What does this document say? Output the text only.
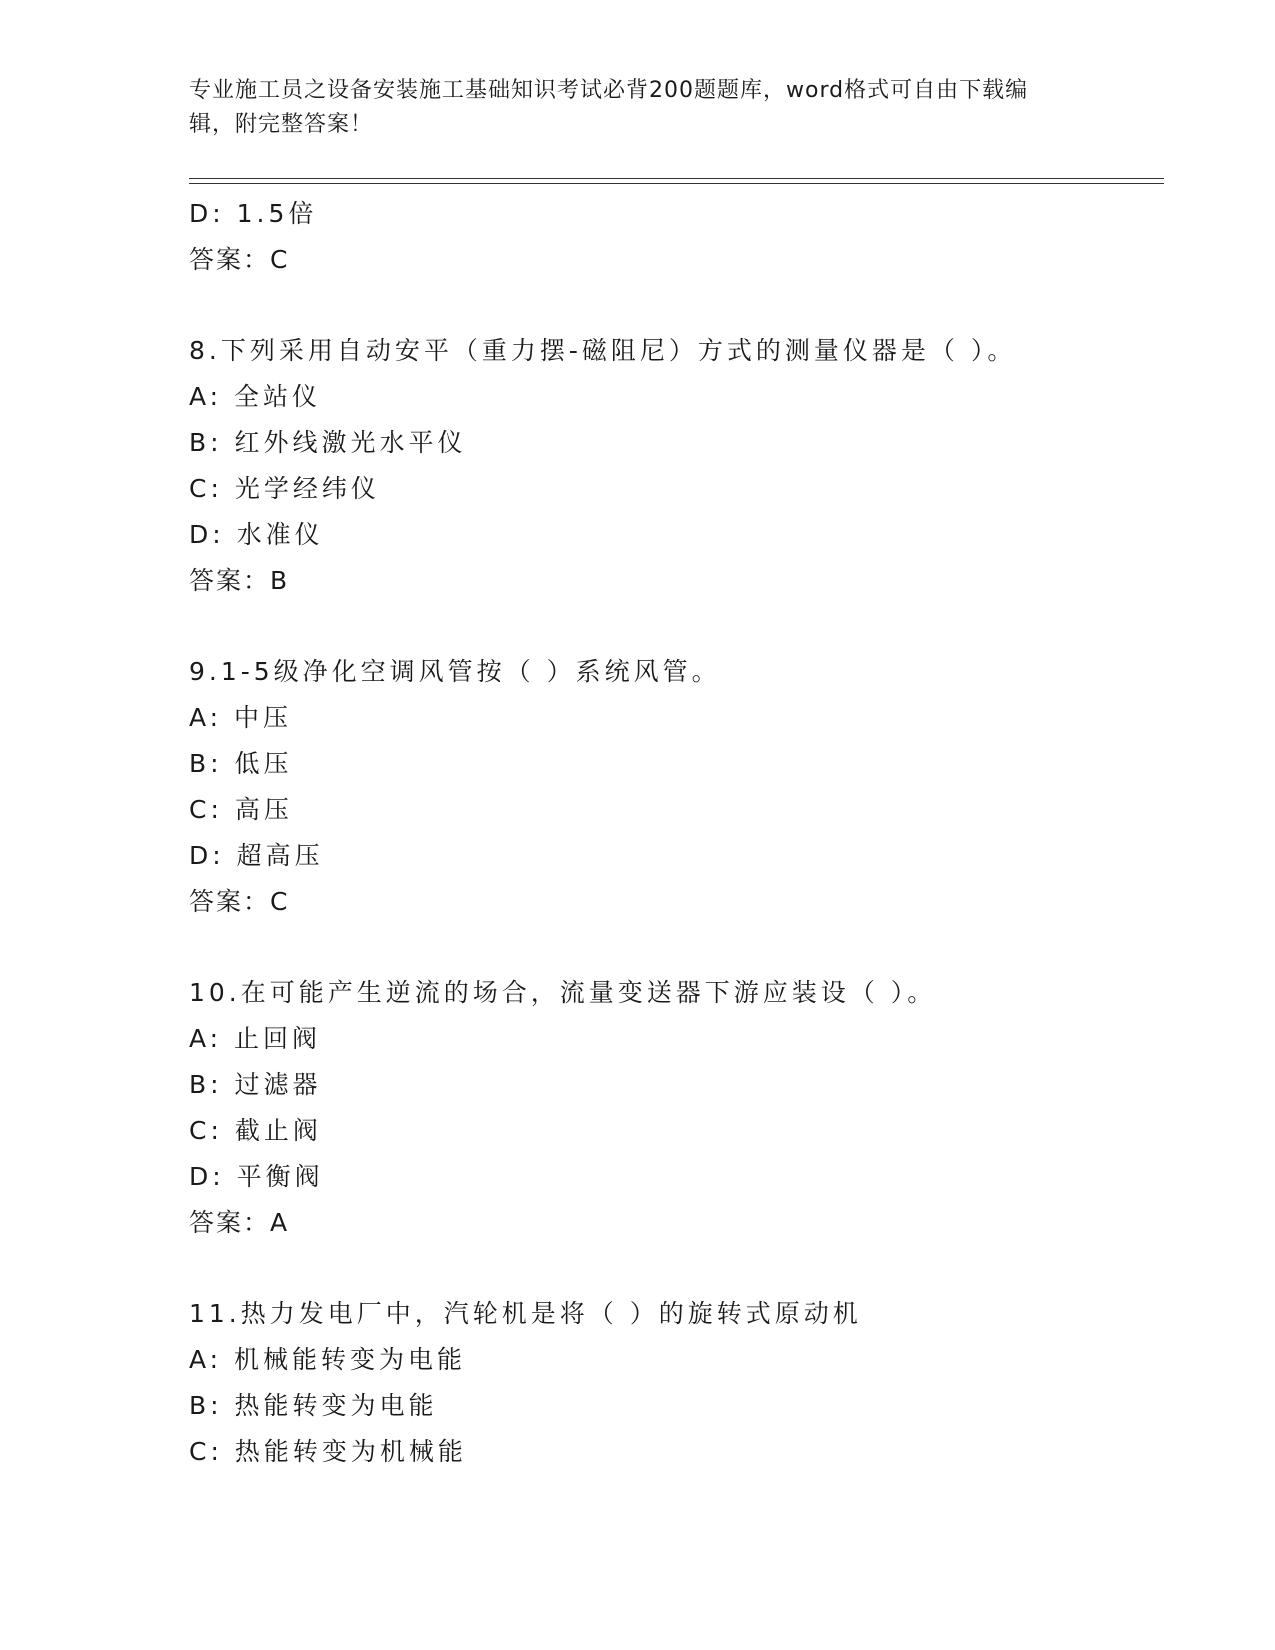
专业施工员之设备安装施工基础知识考试必背200题题库，word格式可自由下载编辑，附完整答案！
D: 1.5倍
答案：C
8.下列采用自动安平（重力摆-磁阻尼）方式的测量仪器是（ ）。
A: 全站仪
B: 红外线激光水平仪
C: 光学经纬仪
D: 水准仪
答案：B
9.1-5级净化空调风管按（ ）系统风管。
A: 中压
B: 低压
C: 高压
D: 超高压
答案：C
10.在可能产生逆流的场合，流量变送器下游应装设（ ）。
A: 止回阀
B: 过滤器
C: 截止阀
D: 平衡阀
答案：A
11.热力发电厂中，汽轮机是将（ ）的旋转式原动机
A: 机械能转变为电能
B: 热能转变为电能
C: 热能转变为机械能
